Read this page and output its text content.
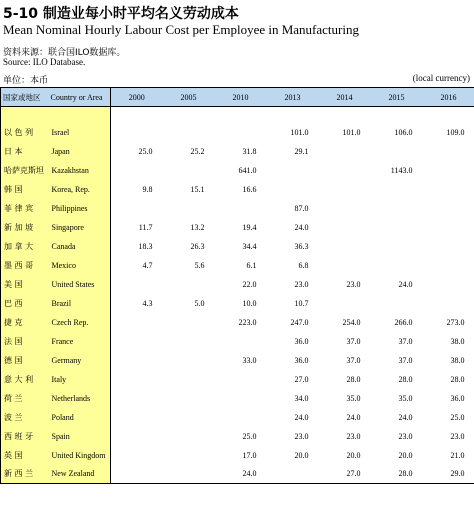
5-10 制造业每小时平均名义劳动成本
Mean Nominal Hourly Labour Cost per Employee in Manufacturing
资料来源：联合国ILO数据库。
Source: ILO Database.
单位：本币	(local currency)
国家或地区	Country or Area	2000	2005	2010	2013	2014	2015	2016

以 色 列	Israel				101.0	101.0	106.0	109.0
日 本	Japan	25.0	25.2	31.8	29.1			
哈萨克斯坦	Kazakhstan			641.0			1143.0	
韩 国	Korea, Rep.	9.8	15.1	16.6				
菲 律 宾	Philippines				87.0			
新 加 坡	Singapore	11.7	13.2	19.4	24.0			
加 拿 大	Canada	18.3	26.3	34.4	36.3			
墨 西 哥	Mexico	4.7	5.6	6.1	6.8			
美 国	United States			22.0	23.0	23.0	24.0	
巴 西	Brazil	4.3	5.0	10.0	10.7			
捷 克	Czech Rep.			223.0	247.0	254.0	266.0	273.0
法 国	France				36.0	37.0	37.0	38.0
德 国	Germany			33.0	36.0	37.0	37.0	38.0
意 大 利	Italy				27.0	28.0	28.0	28.0
荷 兰	Netherlands				34.0	35.0	35.0	36.0
波 兰	Poland				24.0	24.0	24.0	25.0
西 班 牙	Spain			25.0	23.0	23.0	23.0	23.0
英 国	United Kingdom			17.0	20.0	20.0	20.0	21.0
新 西 兰	New Zealand			24.0		27.0	28.0	29.0
